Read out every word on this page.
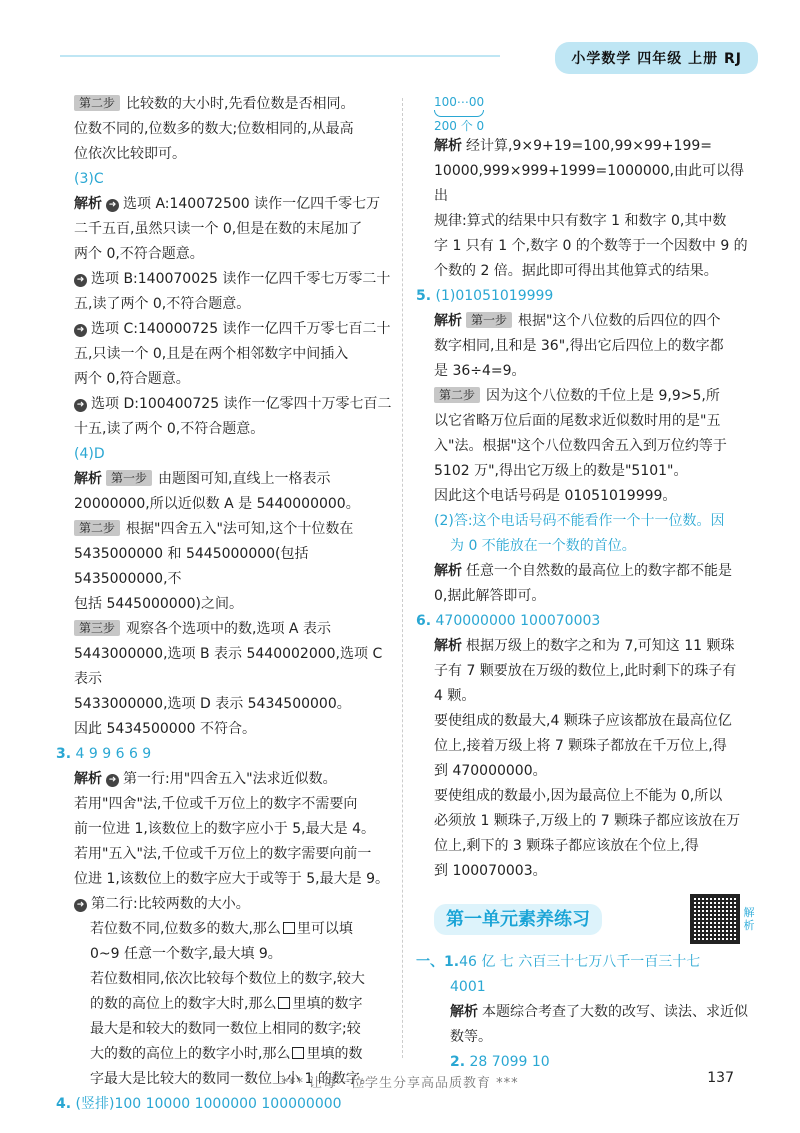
小学数学 四年级 上册 RJ

第二步 比较数的大小时,先看位数是否相同。

位数不同的,位数多的数大;位数相同的,从最高

位依次比较即可。

(3)C

解析 ➜ 选项 A:140072500 读作一亿四千零七万

二千五百,虽然只读一个 0,但是在数的末尾加了

两个 0,不符合题意。

➜ 选项 B:140070025 读作一亿四千零七万零二十

五,读了两个 0,不符合题意。

➜ 选项 C:140000725 读作一亿四千万零七百二十

五,只读一个 0,且是在两个相邻数字中间插入

两个 0,符合题意。

➜ 选项 D:100400725 读作一亿零四十万零七百二

十五,读了两个 0,不符合题意。

(4)D

解析 第一步 由题图可知,直线上一格表示

20000000,所以近似数 A 是 5440000000。

第二步 根据"四舍五入"法可知,这个十位数在

5435000000 和 5445000000(包括 5435000000,不

包括 5445000000)之间。

第三步 观察各个选项中的数,选项 A 表示

5443000000,选项 B 表示 5440002000,选项 C 表示

5433000000,选项 D 表示 5434500000。

因此 5434500000 不符合。

3. 4 9 9 6 6 9

解析 ➜ 第一行:用"四舍五入"法求近似数。

若用"四舍"法,千位或千万位上的数字不需要向

前一位进 1,该数位上的数字应小于 5,最大是 4。

若用"五入"法,千位或千万位上的数字需要向前一

位进 1,该数位上的数字应大于或等于 5,最大是 9。

➜ 第二行:比较两数的大小。

若位数不同,位数多的数大,那么 里可以填

0~9 任意一个数字,最大填 9。

若位数相同,依次比较每个数位上的数字,较大

的数的高位上的数字大时,那么 里填的数字

最大是和较大的数同一数位上相同的数字;较

大的数的高位上的数字小时,那么 里填的数

字最大是比较大的数同一数位上小 1 的数字。

4. (竖排)100 10000 1000000 100000000

100⋯00
200 个 0

解析 经计算,9×9+19=100,99×99+199=

10000,999×999+1999=1000000,由此可以得出

规律:算式的结果中只有数字 1 和数字 0,其中数

字 1 只有 1 个,数字 0 的个数等于一个因数中 9 的

个数的 2 倍。据此即可得出其他算式的结果。

5. (1)01051019999

解析 第一步 根据"这个八位数的后四位的四个

数字相同,且和是 36",得出它后四位上的数字都

是 36÷4=9。

第二步 因为这个八位数的千位上是 9,9>5,所

以它省略万位后面的尾数求近似数时用的是"五

入"法。根据"这个八位数四舍五入到万位约等于

5102 万",得出它万级上的数是"5101"。

因此这个电话号码是 01051019999。

(2)答:这个电话号码不能看作一个十一位数。因

为 0 不能放在一个数的首位。

解析 任意一个自然数的最高位上的数字都不能是

0,据此解答即可。

6. 470000000 100070003

解析 根据万级上的数字之和为 7,可知这 11 颗珠

子有 7 颗要放在万级的数位上,此时剩下的珠子有

4 颗。

要使组成的数最大,4 颗珠子应该都放在最高位亿

位上,接着万级上将 7 颗珠子都放在千万位上,得

到 470000000。

要使组成的数最小,因为最高位上不能为 0,所以

必须放 1 颗珠子,万级上的 7 颗珠子都应该放在万

位上,剩下的 3 颗珠子都应该放在个位上,得

到 100070003。

第一单元素养练习	解析

一、1.46 亿 七 六百三十七万八千一百三十七

4001

解析 本题综合考查了大数的改写、读法、求近似

数等。

2. 28 7099 10

*** 让每一位学生分享高品质教育 ***	137
